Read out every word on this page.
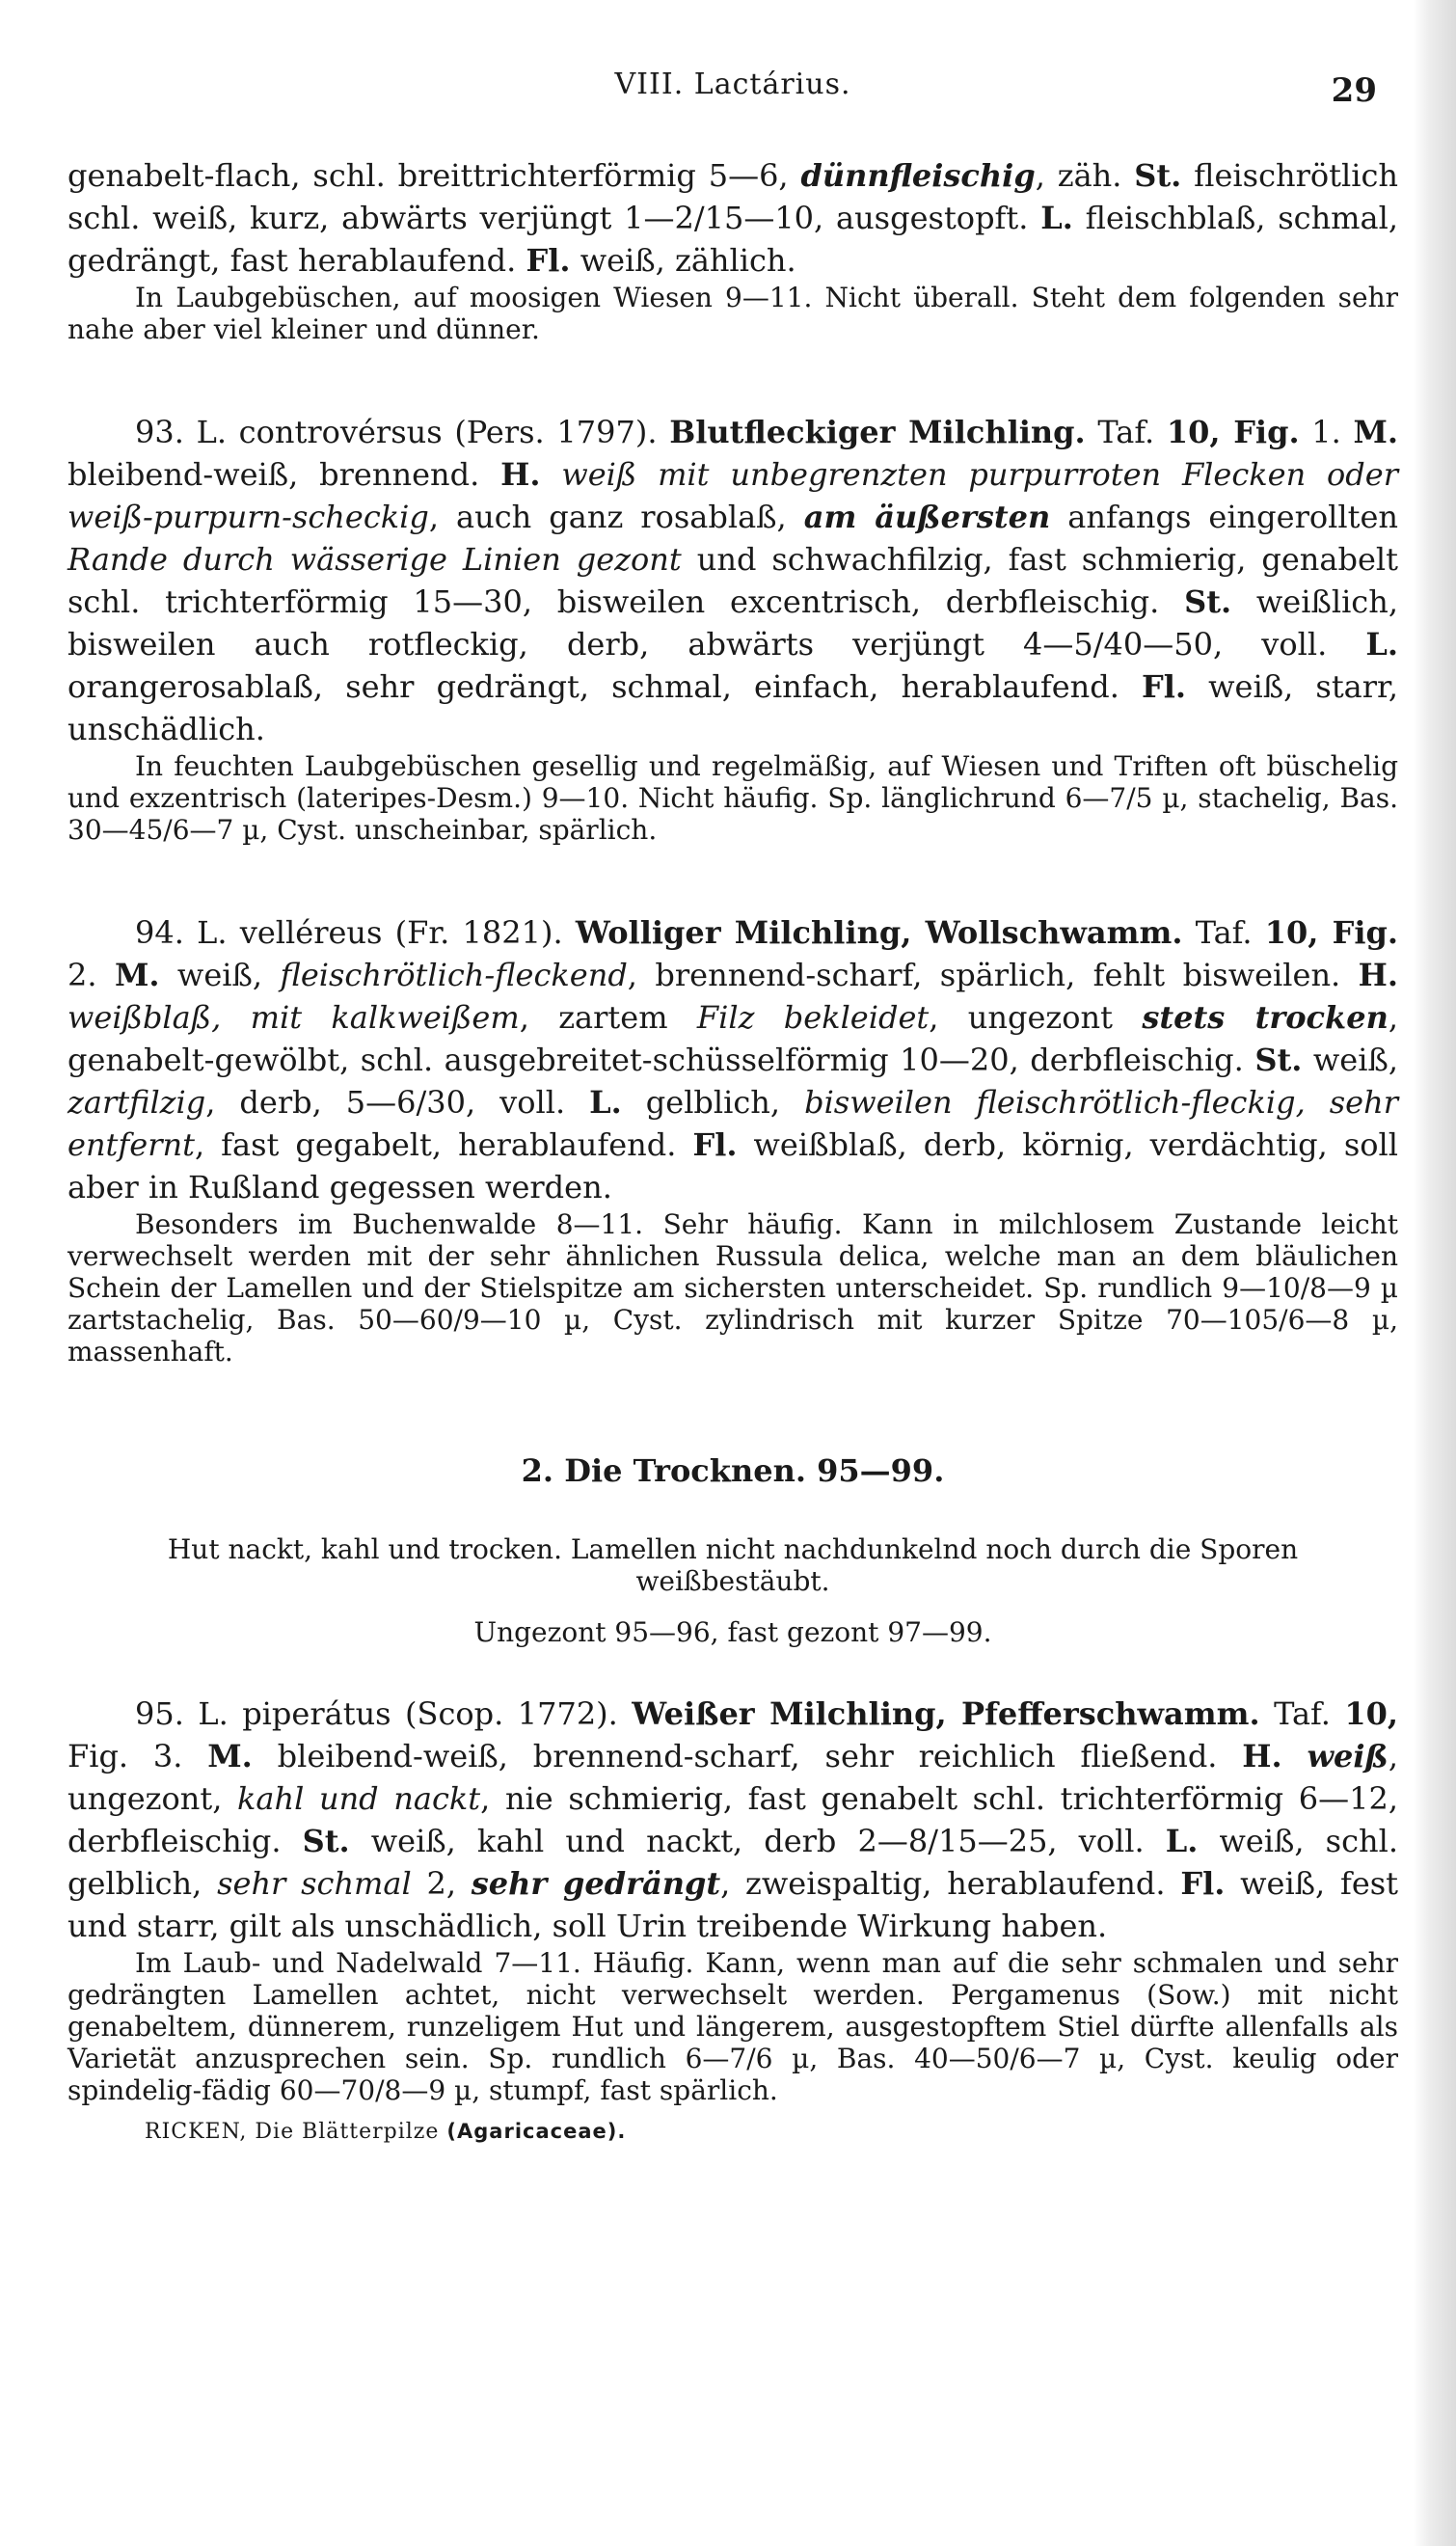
VIII. Lactárius.	29

genabelt-flach, schl. breittrichterförmig 5—6, dünnfleischig, zäh. St. fleischrötlich schl. weiß, kurz, abwärts verjüngt 1—2/15—10, ausgestopft. L. fleischblaß, schmal, gedrängt, fast herablaufend. Fl. weiß, zählich.

In Laubgebüschen, auf moosigen Wiesen 9—11. Nicht überall. Steht dem folgenden sehr nahe aber viel kleiner und dünner.

93. L. controvérsus (Pers. 1797). Blutfleckiger Milchling. Taf. 10, Fig. 1. M. bleibend-weiß, brennend. H. weiß mit unbegrenzten purpurroten Flecken oder weiß-purpurn-scheckig, auch ganz rosablaß, am äußersten anfangs eingerollten Rande durch wässerige Linien gezont und schwachfilzig, fast schmierig, genabelt schl. trichterförmig 15—30, bisweilen excentrisch, derbfleischig. St. weißlich, bisweilen auch rotfleckig, derb, abwärts verjüngt 4—5/40—50, voll. L. orangerosablaß, sehr gedrängt, schmal, einfach, herablaufend. Fl. weiß, starr, unschädlich.

In feuchten Laubgebüschen gesellig und regelmäßig, auf Wiesen und Triften oft büschelig und exzentrisch (lateripes-Desm.) 9—10. Nicht häufig. Sp. länglichrund 6—7/5 µ, stachelig, Bas. 30—45/6—7 µ, Cyst. unscheinbar, spärlich.

94. L. velléreus (Fr. 1821). Wolliger Milchling, Wollschwamm. Taf. 10, Fig. 2. M. weiß, fleischrötlich-fleckend, brennend-scharf, spärlich, fehlt bisweilen. H. weißblaß, mit kalkweißem, zartem Filz bekleidet, ungezont stets trocken, genabelt-gewölbt, schl. ausgebreitet-schüsselförmig 10—20, derbfleischig. St. weiß, zartfilzig, derb, 5—6/30, voll. L. gelblich, bisweilen fleischrötlich-fleckig, sehr entfernt, fast gegabelt, herablaufend. Fl. weißblaß, derb, körnig, verdächtig, soll aber in Rußland gegessen werden.

Besonders im Buchenwalde 8—11. Sehr häufig. Kann in milchlosem Zustande leicht verwechselt werden mit der sehr ähnlichen Russula delica, welche man an dem bläulichen Schein der Lamellen und der Stielspitze am sichersten unterscheidet. Sp. rundlich 9—10/8—9 µ zartstachelig, Bas. 50—60/9—10 µ, Cyst. zylindrisch mit kurzer Spitze 70—105/6—8 µ, massenhaft.

2. Die Trocknen. 95—99.

Hut nackt, kahl und trocken. Lamellen nicht nachdunkelnd noch durch die Sporen weißbestäubt.

Ungezont 95—96, fast gezont 97—99.

95. L. piperátus (Scop. 1772). Weißer Milchling, Pfefferschwamm. Taf. 10, Fig. 3. M. bleibend-weiß, brennend-scharf, sehr reichlich fließend. H. weiß, ungezont, kahl und nackt, nie schmierig, fast genabelt schl. trichterförmig 6—12, derbfleischig. St. weiß, kahl und nackt, derb 2—8/15—25, voll. L. weiß, schl. gelblich, sehr schmal 2, sehr gedrängt, zweispaltig, herablaufend. Fl. weiß, fest und starr, gilt als unschädlich, soll Urin treibende Wirkung haben.

Im Laub- und Nadelwald 7—11. Häufig. Kann, wenn man auf die sehr schmalen und sehr gedrängten Lamellen achtet, nicht verwechselt werden. Pergamenus (Sow.) mit nicht genabeltem, dünnerem, runzeligem Hut und längerem, ausgestopftem Stiel dürfte allenfalls als Varietät anzusprechen sein. Sp. rundlich 6—7/6 µ, Bas. 40—50/6—7 µ, Cyst. keulig oder spindelig-fädig 60—70/8—9 µ, stumpf, fast spärlich.

RICKEN, Die Blätterpilze (Agaricaceae).
